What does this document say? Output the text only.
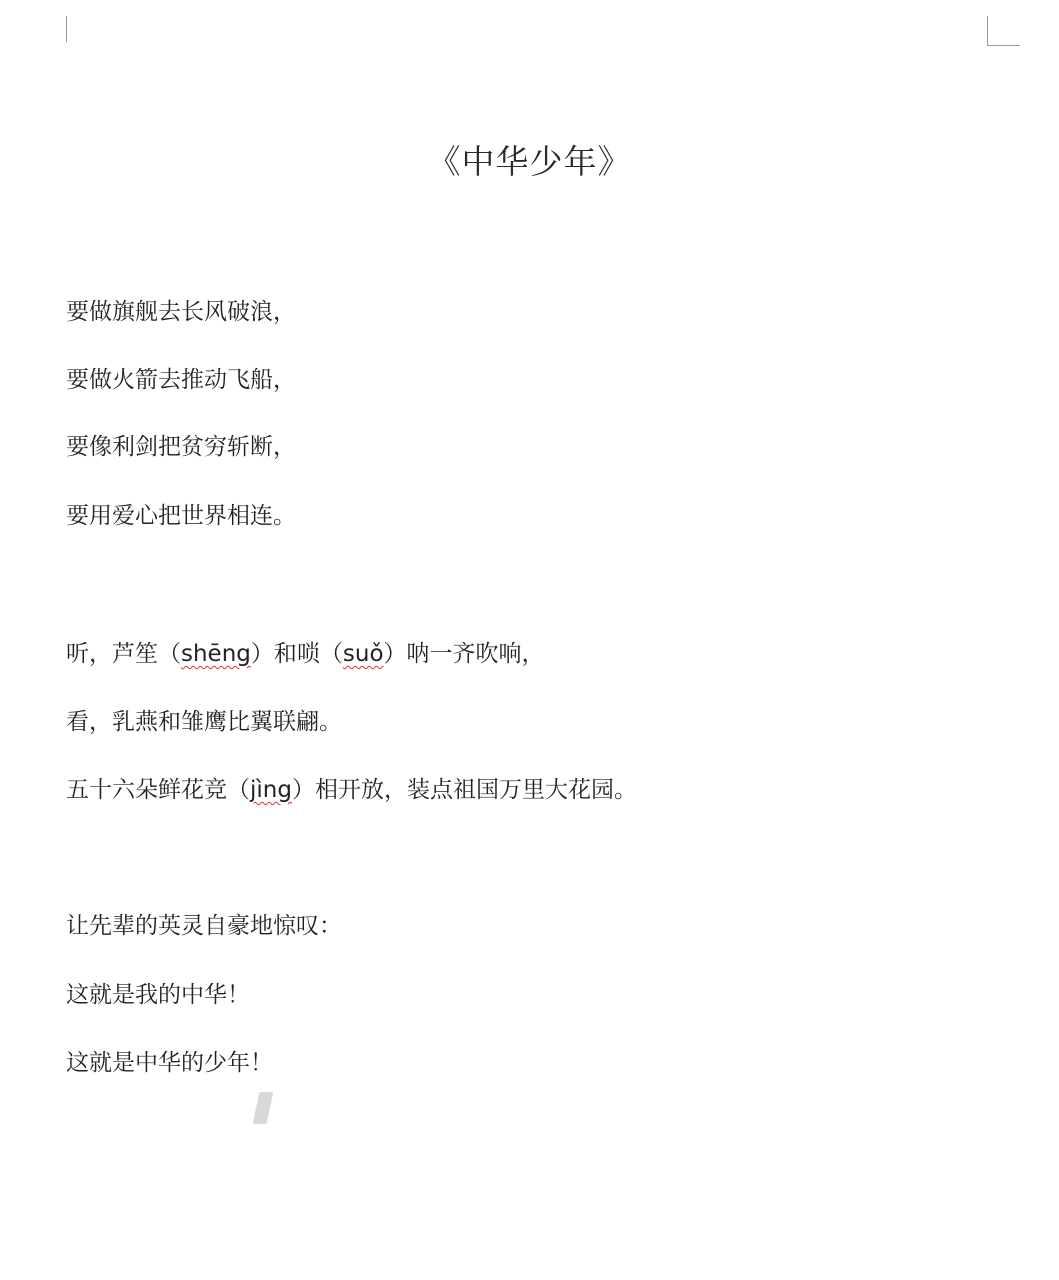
《中华少年》
要做旗舰去长风破浪，
要做火箭去推动飞船，
要像利剑把贫穷斩断，
要用爱心把世界相连。
听，芦笙（shēng）和唢（suǒ）呐一齐吹响，
看，乳燕和雏鹰比翼联翩。
五十六朵鲜花竞（jìng）相开放，装点祖国万里大花园。
让先辈的英灵自豪地惊叹：
这就是我的中华！
这就是中华的少年！
